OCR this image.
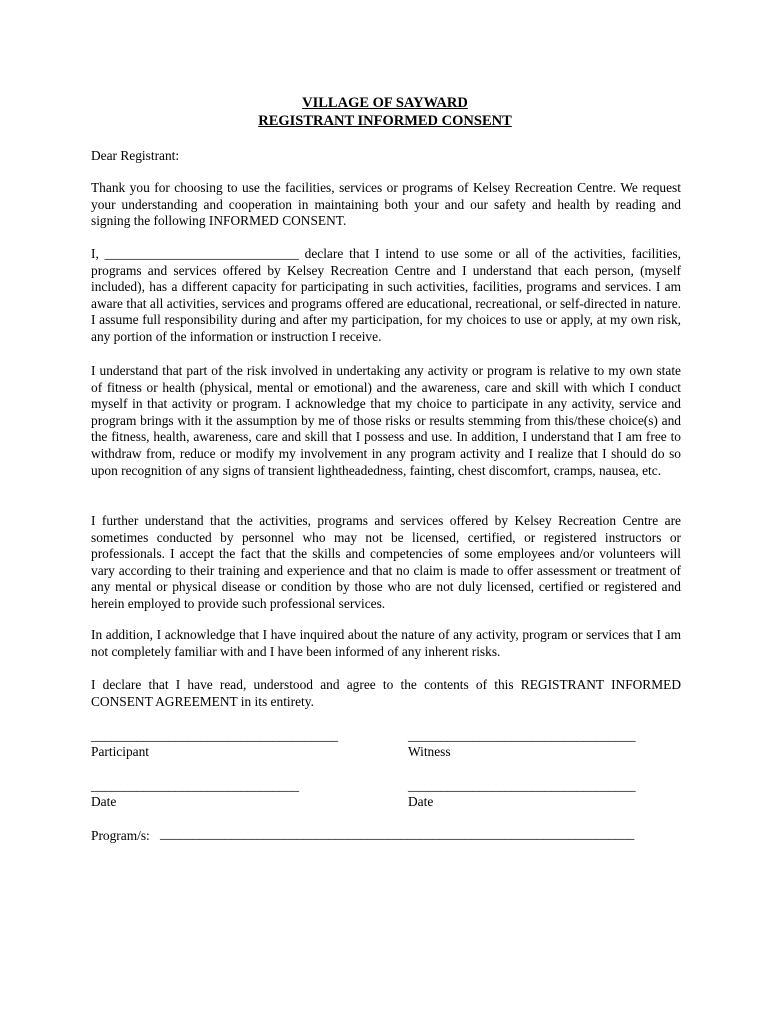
VILLAGE OF SAYWARD
REGISTRANT INFORMED CONSENT

Dear Registrant:

Thank you for choosing to use the facilities, services or programs of Kelsey Recreation Centre. We request your understanding and cooperation in maintaining both your and our safety and health by reading and signing the following INFORMED CONSENT.

I, _____________________________ declare that I intend to use some or all of the activities, facilities, programs and services offered by Kelsey Recreation Centre and I understand that each person, (myself included), has a different capacity for participating in such activities, facilities, programs and services. I am aware that all activities, services and programs offered are educational, recreational, or self-directed in nature. I assume full responsibility during and after my participation, for my choices to use or apply, at my own risk, any portion of the information or instruction I receive.

I understand that part of the risk involved in undertaking any activity or program is relative to my own state of fitness or health (physical, mental or emotional) and the awareness, care and skill with which I conduct myself in that activity or program. I acknowledge that my choice to participate in any activity, service and program brings with it the assumption by me of those risks or results stemming from this/these choice(s) and the fitness, health, awareness, care and skill that I possess and use. In addition, I understand that I am free to withdraw from, reduce or modify my involvement in any program activity and I realize that I should do so upon recognition of any signs of transient lightheadedness, fainting, chest discomfort, cramps, nausea, etc.

I further understand that the activities, programs and services offered by Kelsey Recreation Centre are sometimes conducted by personnel who may not be licensed, certified, or registered instructors or professionals. I accept the fact that the skills and competencies of some employees and/or volunteers will vary according to their training and experience and that no claim is made to offer assessment or treatment of any mental or physical disease or condition by those who are not duly licensed, certified or registered and herein employed to provide such professional services.

In addition, I acknowledge that I have inquired about the nature of any activity, program or services that I am not completely familiar with and I have been informed of any inherent risks.

I declare that I have read, understood and agree to the contents of this REGISTRANT INFORMED CONSENT AGREEMENT in its entirety.

______________________________________
Participant
___________________________________
Witness
________________________________
Date
___________________________________
Date
Program/s: _________________________________________________________________________
